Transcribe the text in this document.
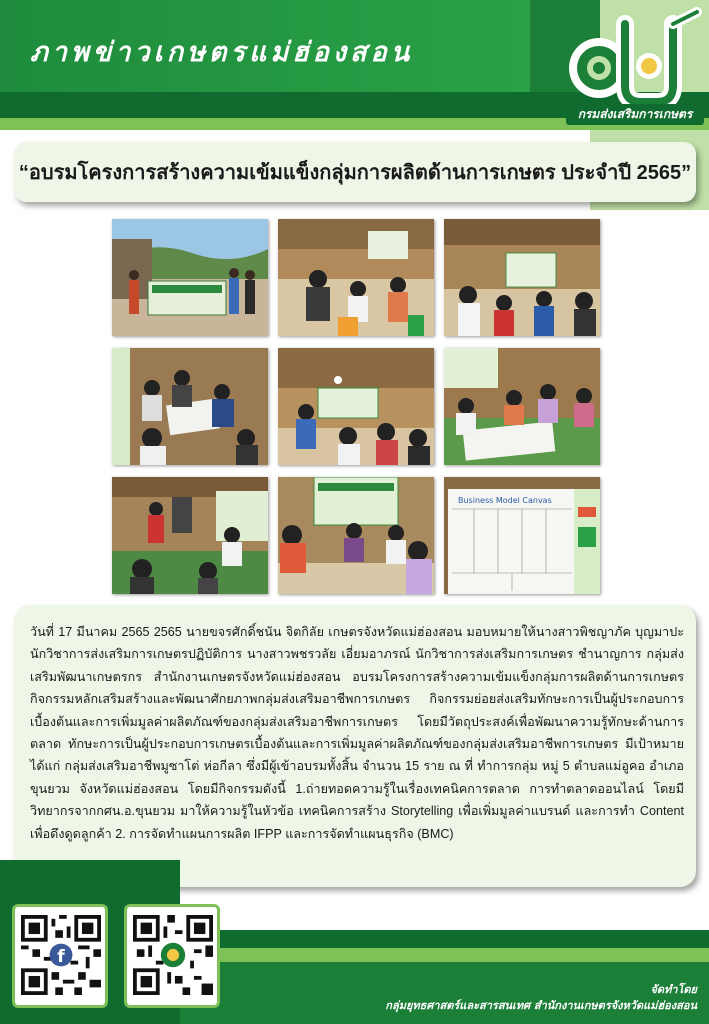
ภาพข่าวเกษตรแม่ฮ่องสอน
กรมส่งเสริมการเกษตร
“อบรมโครงการสร้างความเข้มแข็งกลุ่มการผลิตด้านการเกษตร ประจำปี 2565”
Business Model Canvas
วันที่ 17 มีนาคม 2565 2565 นายขจรศักดิ์ชนัน จิตกิลัย เกษตรจังหวัดแม่ฮ่องสอน มอบหมายให้นางสาวพิชญาภัค บุญมาปะ นักวิชาการส่งเสริมการเกษตรปฏิบัติการ นางสาวพชรวลัย เอี่ยมอาภรณ์ นักวิชาการส่งเสริมการเกษตร ชำนาญการ กลุ่มส่งเสริมพัฒนาเกษตรกร สำนักงานเกษตรจังหวัดแม่ฮ่องสอน อบรมโครงการสร้างความเข้มแข็งกลุ่มการผลิตด้านการเกษตร กิจกรรมหลักเสริมสร้างและพัฒนาศักยภาพกลุ่มส่งเสริมอาชีพการเกษตร กิจกรรมย่อยส่งเสริมทักษะการเป็นผู้ประกอบการเบื้องต้นและการเพิ่มมูลค่าผลิตภัณฑ์ของกลุ่มส่งเสริมอาชีพการเกษตร โดยมีวัตถุประสงค์เพื่อพัฒนาความรู้ทักษะด้านการตลาด ทักษะการเป็นผู้ประกอบการเกษตรเบื้องต้นและการเพิ่มมูลค่าผลิตภัณฑ์ของกลุ่มส่งเสริมอาชีพการเกษตร มีเป้าหมาย ได้แก่ กลุ่มส่งเสริมอาชีพมูซาโต่ ห่อกีลา ซึ่งมีผู้เข้าอบรมทั้งสิ้น จำนวน 15 ราย ณ ที่ ทำการกลุ่ม หมู่ 5 ตำบลแม่อูคอ อำเภอขุนยวม จังหวัดแม่ฮ่องสอน โดยมีกิจกรรมดังนี้ 1.ถ่ายทอดความรู้ในเรื่องเทคนิคการตลาด การทำตลาดออนไลน์ โดยมีวิทยากรจากกศน.อ.ขุนยวม มาให้ความรู้ในหัวข้อ เทคนิคการสร้าง Storytelling เพื่อเพิ่มมูลค่าแบรนด์ และการทำ Content เพื่อดึงดูดลูกค้า 2. การจัดทำแผนการผลิต IFPP และการจัดทำแผนธุรกิจ (BMC)
f
จัดทำโดย
กลุ่มยุทธศาสตร์และสารสนเทศ สำนักงานเกษตรจังหวัดแม่ฮ่องสอน
